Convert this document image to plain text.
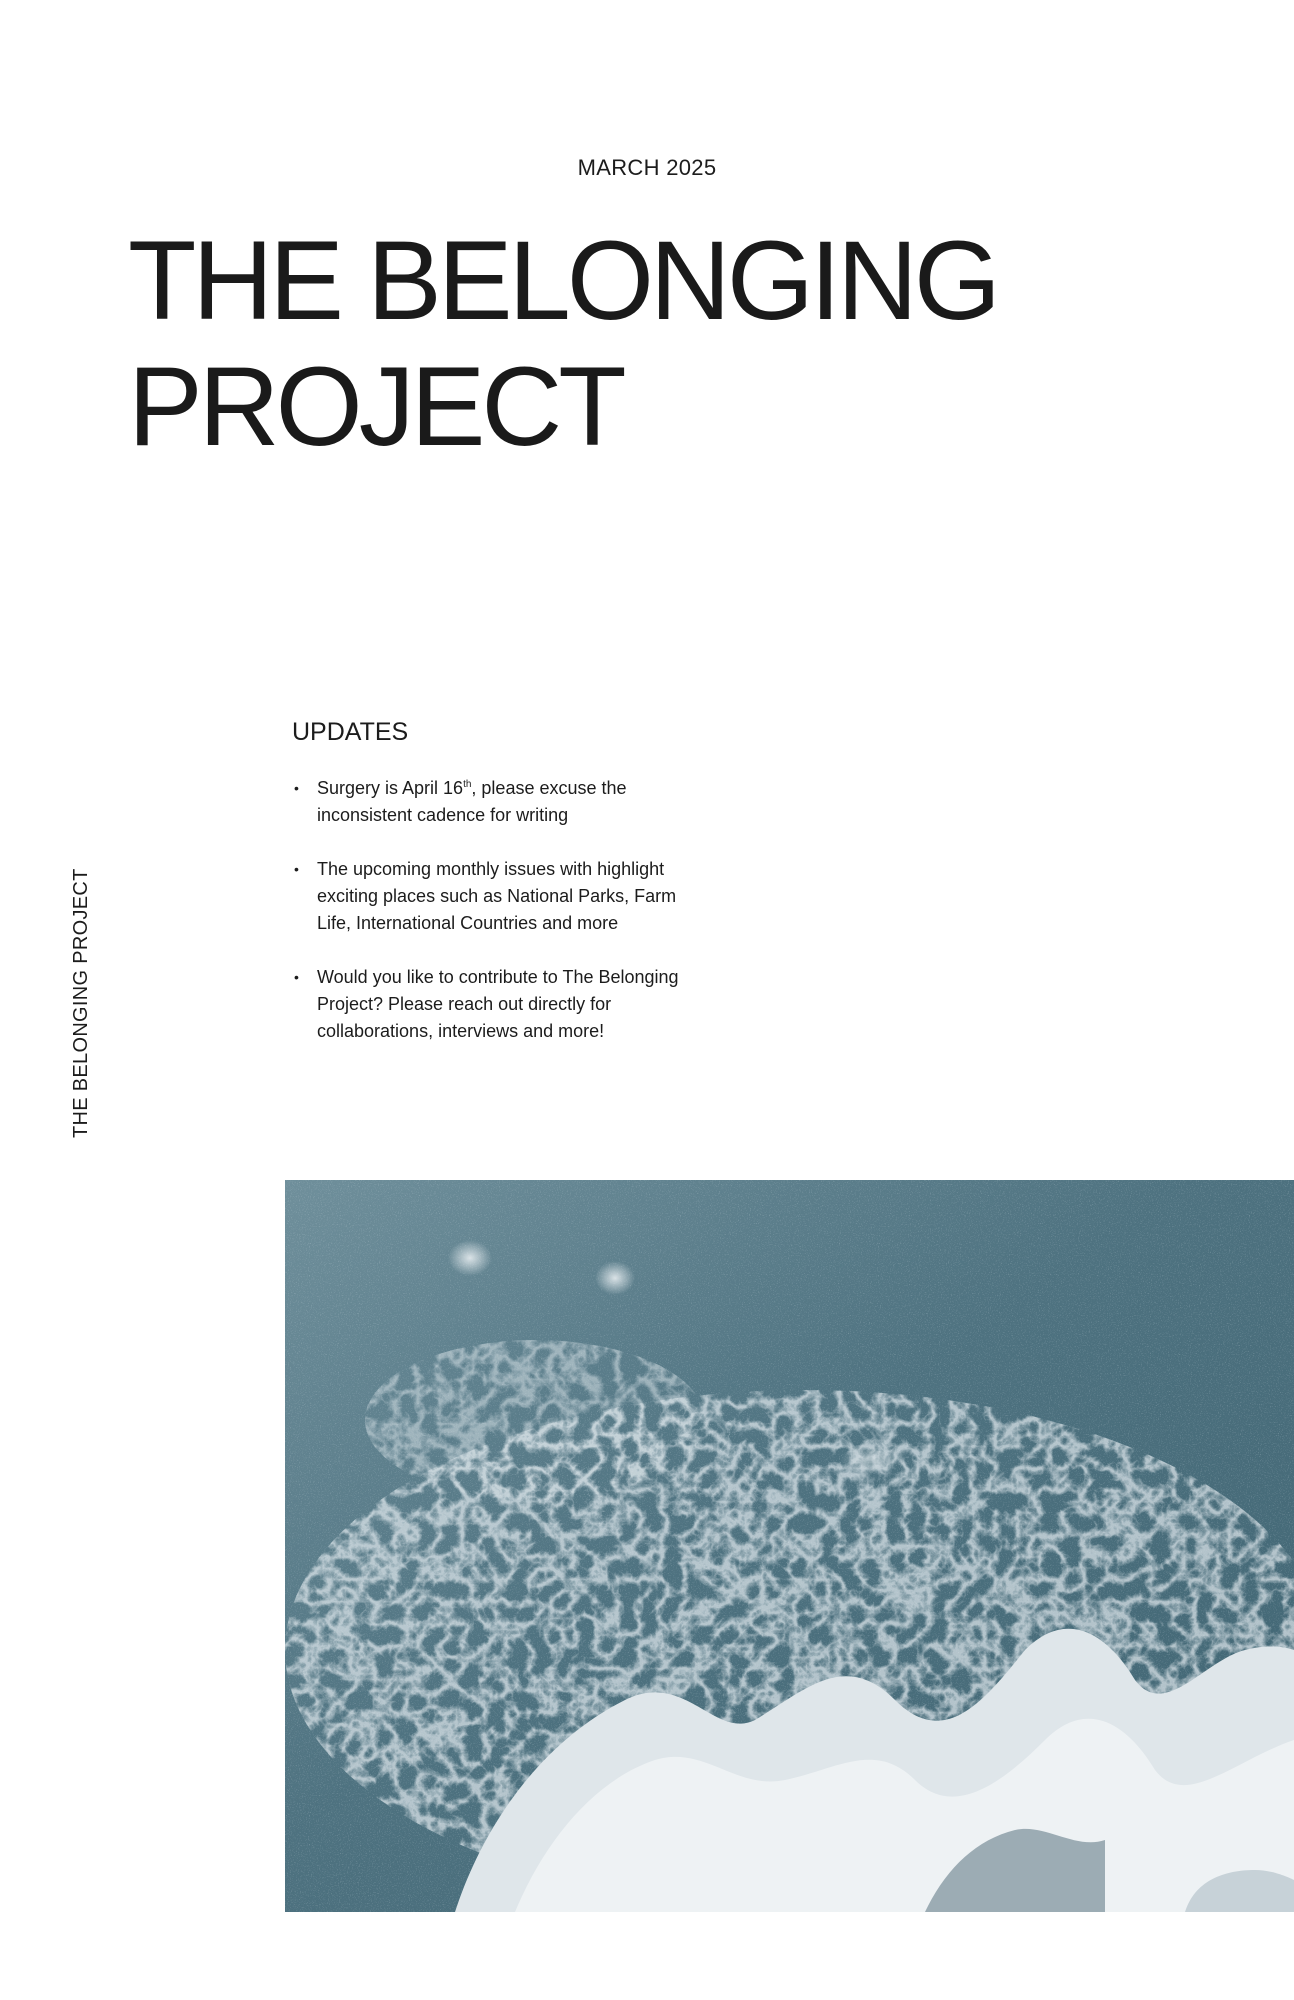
MARCH 2025
THE BELONGING
PROJECT
THE BELONGING PROJECT
UPDATES
• Surgery is April 16th, please excuse the inconsistent cadence for writing
• The upcoming monthly issues with highlight exciting places such as National Parks, Farm Life, International Countries and more
• Would you like to contribute to The Belonging Project? Please reach out directly for collaborations, interviews and more!
